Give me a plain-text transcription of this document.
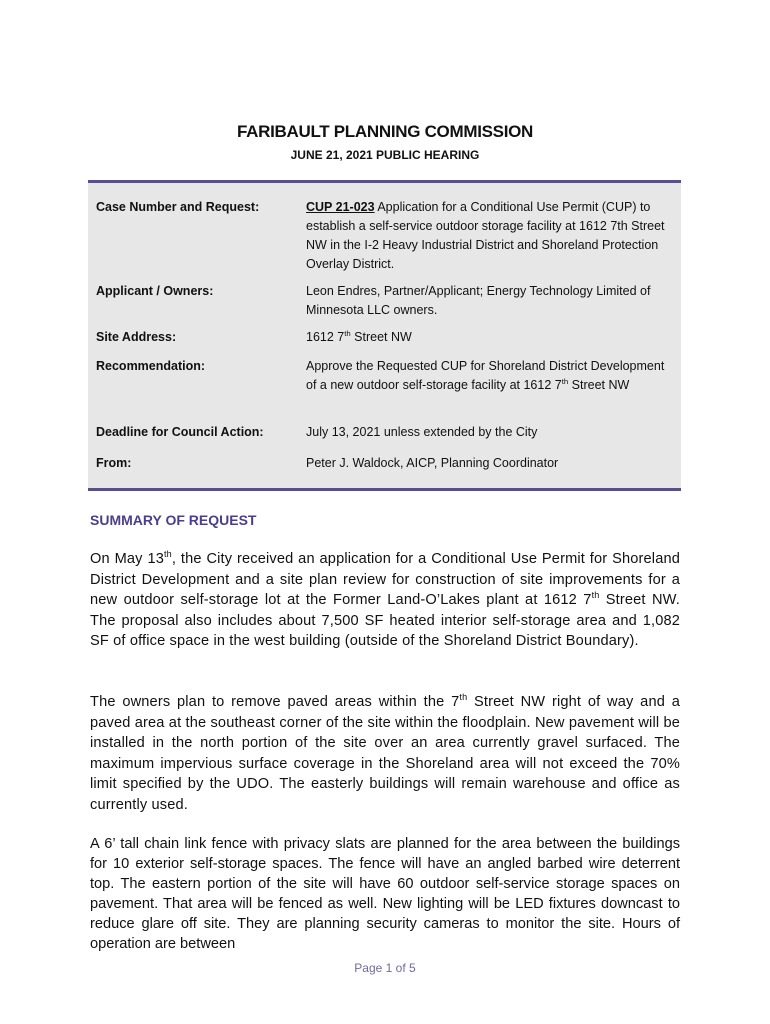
FARIBAULT PLANNING COMMISSION
JUNE 21, 2021 PUBLIC HEARING
Case Number and Request:	CUP 21-023 Application for a Conditional Use Permit (CUP) to establish a self-service outdoor storage facility at 1612 7th Street NW in the I-2 Heavy Industrial District and Shoreland Protection Overlay District.
Applicant / Owners:	Leon Endres, Partner/Applicant; Energy Technology Limited of Minnesota LLC owners.
Site Address:	1612 7th Street NW
Recommendation:	Approve the Requested CUP for Shoreland District Development of a new outdoor self-storage facility at 1612 7th Street NW
Deadline for Council Action:	July 13, 2021 unless extended by the City
From:	Peter J. Waldock, AICP, Planning Coordinator
SUMMARY OF REQUEST
On May 13th, the City received an application for a Conditional Use Permit for Shoreland District Development and a site plan review for construction of site improvements for a new outdoor self-storage lot at the Former Land-O’Lakes plant at 1612 7th Street NW. The proposal also includes about 7,500 SF heated interior self-storage area and 1,082 SF of office space in the west building (outside of the Shoreland District Boundary).
The owners plan to remove paved areas within the 7th Street NW right of way and a paved area at the southeast corner of the site within the floodplain. New pavement will be installed in the north portion of the site over an area currently gravel surfaced. The maximum impervious surface coverage in the Shoreland area will not exceed the 70% limit specified by the UDO. The easterly buildings will remain warehouse and office as currently used.
A 6’ tall chain link fence with privacy slats are planned for the area between the buildings for 10 exterior self-storage spaces. The fence will have an angled barbed wire deterrent top. The eastern portion of the site will have 60 outdoor self-service storage spaces on pavement. That area will be fenced as well. New lighting will be LED fixtures downcast to reduce glare off site. They are planning security cameras to monitor the site. Hours of operation are between
Page 1 of 5
